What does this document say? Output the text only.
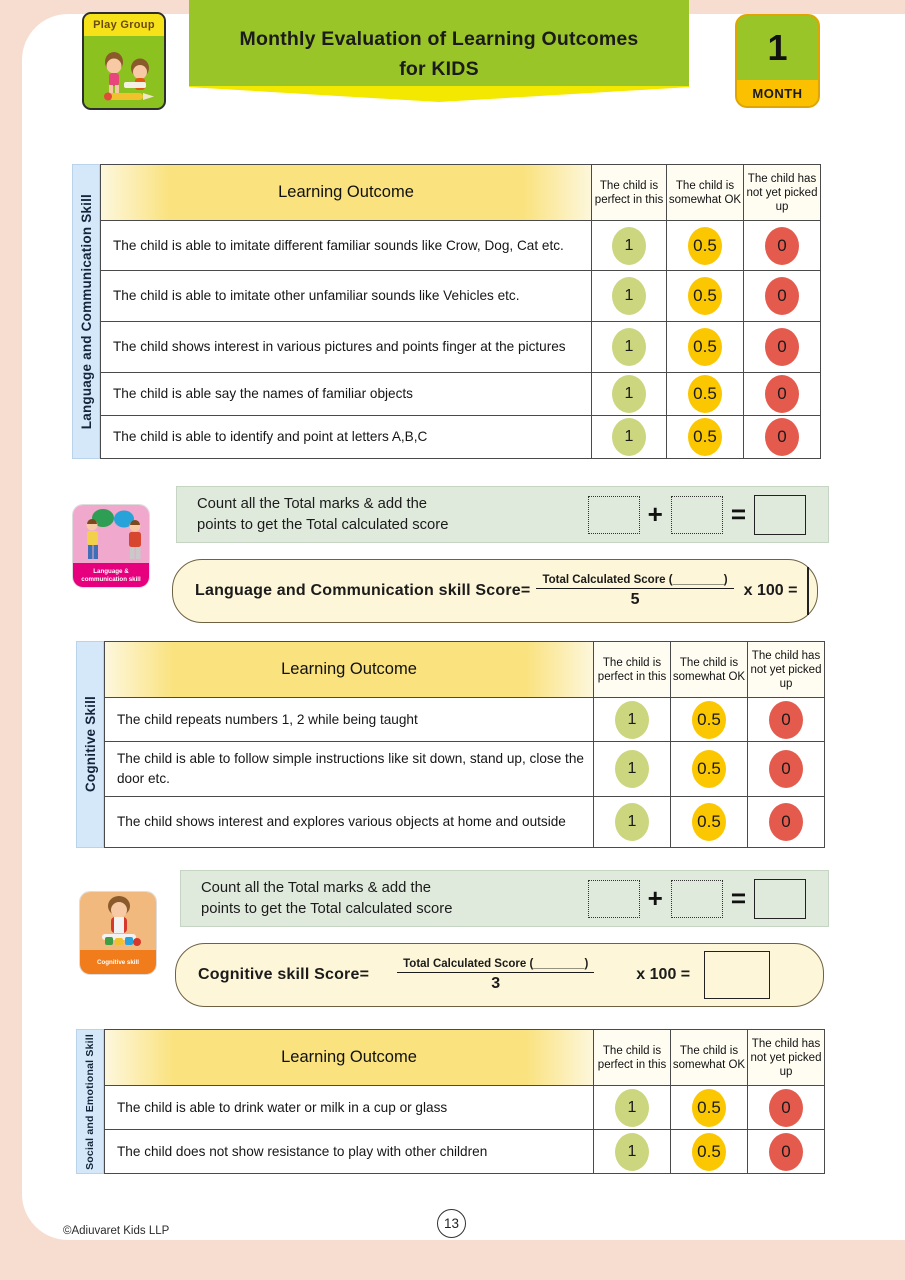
Play Group
Monthly Evaluation of Learning Outcomes
for KIDS
1
MONTH
Language and Communication Skill
Learning Outcome	The child is perfect in this	The child is somewhat OK	The child has not yet picked up
The child is able to imitate different familiar sounds like Crow, Dog, Cat etc.	1	0.5	0
The child is able to imitate other unfamiliar sounds like Vehicles etc.	1	0.5	0
The child shows interest in various pictures and points finger at the pictures	1	0.5	0
The child is able say the names of familiar objects	1	0.5	0
The child is able to identify and point at letters A,B,C	1	0.5	0
Language & communication skill
Count all the Total marks & add the
points to get the Total calculated score	+	=
Language and Communication skill Score= $\frac{\text{Total Calculated Score (\_\_\_\_\_\_\_\_)}}{5}$ x 100 =
Cognitive Skill
Learning Outcome	The child is perfect in this	The child is somewhat OK	The child has not yet picked up
The child repeats numbers 1, 2 while being taught	1	0.5	0
The child is able to follow simple instructions like sit down, stand up, close the door etc.	1	0.5	0
The child shows interest and explores various objects at home and outside	1	0.5	0
Cognitive skill
Count all the Total marks & add the
points to get the Total calculated score	+	=
Cognitive skill Score= $\frac{\text{Total Calculated Score (\_\_\_\_\_\_\_\_)}}{3}$	x 100 =
Social and Emotional Skill	Learning Outcome	The child is perfect in this	The child is somewhat OK	The child has not yet picked up
The child is able to drink water or milk in a cup or glass	1	0.5	0
The child does not show resistance to play with other children	1	0.5	0
©Adiuvaret Kids LLP	13
